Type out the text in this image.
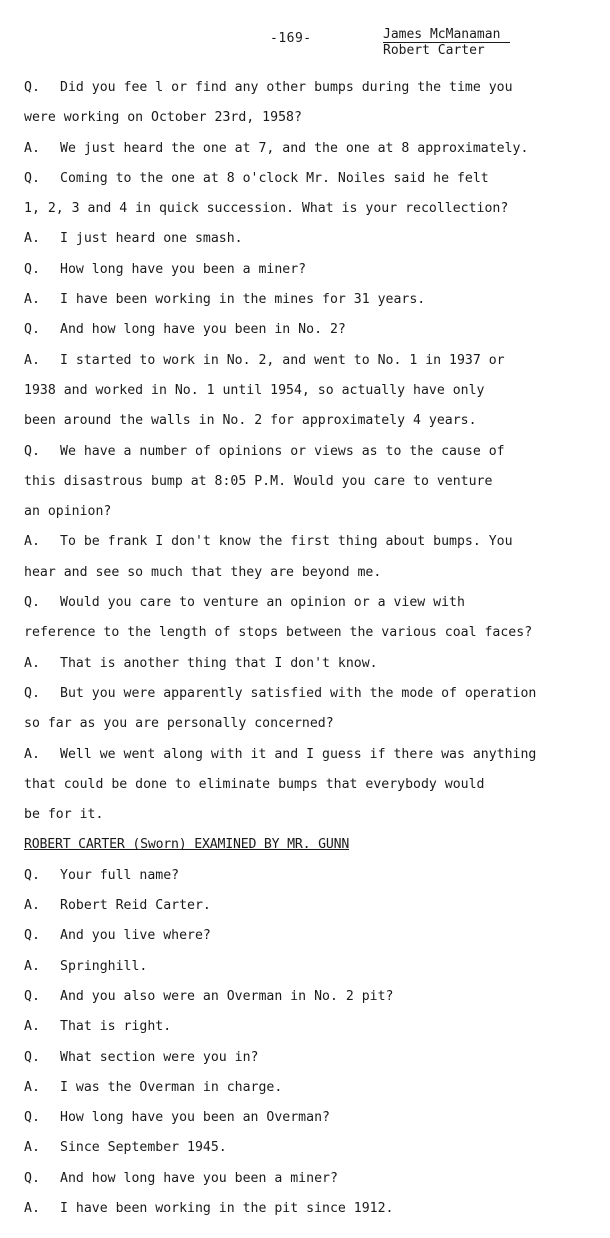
-169-	James McManaman
Robert Carter
Q. Did you fee l or find any other bumps during the time you
were working on October 23rd, 1958?
A. We just heard the one at 7, and the one at 8 approximately.
Q. Coming to the one at 8 o'clock Mr. Noiles said he felt
1, 2, 3 and 4 in quick succession. What is your recollection?
A. I just heard one smash.
Q. How long have you been a miner?
A. I have been working in the mines for 31 years.
Q. And how long have you been in No. 2?
A. I started to work in No. 2, and went to No. 1 in 1937 or
1938 and worked in No. 1 until 1954, so actually have only
been around the walls in No. 2 for approximately 4 years.
Q. We have a number of opinions or views as to the cause of
this disastrous bump at 8:05 P.M. Would you care to venture
an opinion?
A. To be frank I don't know the first thing about bumps. You
hear and see so much that they are beyond me.
Q. Would you care to venture an opinion or a view with
reference to the length of stops between the various coal faces?
A. That is another thing that I don't know.
Q. But you were apparently satisfied with the mode of operation
so far as you are personally concerned?
A. Well we went along with it and I guess if there was anything
that could be done to eliminate bumps that everybody would
be for it.
ROBERT CARTER (Sworn) EXAMINED BY MR. GUNN
Q. Your full name?
A. Robert Reid Carter.
Q. And you live where?
A. Springhill.
Q. And you also were an Overman in No. 2 pit?
A. That is right.
Q. What section were you in?
A. I was the Overman in charge.
Q. How long have you been an Overman?
A. Since September 1945.
Q. And how long have you been a miner?
A. I have been working in the pit since 1912.
